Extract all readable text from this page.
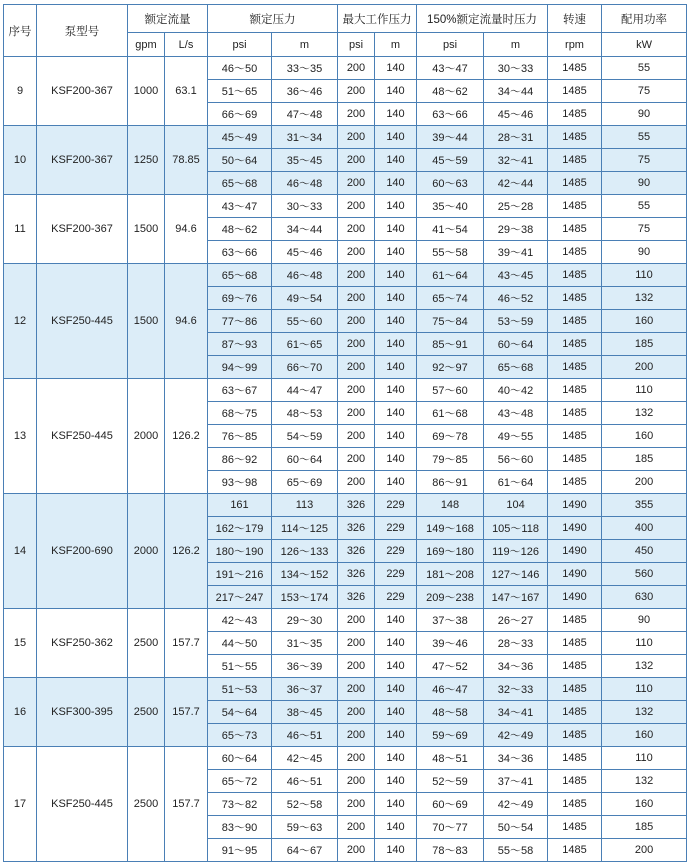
序号	泵型号	额定流量		额定压力		最大工作压力		150%额定流量时压力		转速	配用功率
		gpm	L/s	psi	m	psi	m	psi	m	rpm	kW
9	KSF200-367	1000	63.1	46～50	33～35	200	140	43～47	30～33	1485	55
				51～65	36～46	200	140	48～62	34～44	1485	75
				66～69	47～48	200	140	63～66	45～46	1485	90
10	KSF200-367	1250	78.85	45～49	31～34	200	140	39～44	28～31	1485	55
				50～64	35～45	200	140	45～59	32～41	1485	75
				65～68	46～48	200	140	60～63	42～44	1485	90
11	KSF200-367	1500	94.6	43～47	30～33	200	140	35～40	25～28	1485	55
				48～62	34～44	200	140	41～54	29～38	1485	75
				63～66	45～46	200	140	55～58	39～41	1485	90
12	KSF250-445	1500	94.6	65～68	46～48	200	140	61～64	43～45	1485	110
				69～76	49～54	200	140	65～74	46～52	1485	132
				77～86	55～60	200	140	75～84	53～59	1485	160
				87～93	61～65	200	140	85～91	60～64	1485	185
				94～99	66～70	200	140	92～97	65～68	1485	200
13	KSF250-445	2000	126.2	63～67	44～47	200	140	57～60	40～42	1485	110
				68～75	48～53	200	140	61～68	43～48	1485	132
				76～85	54～59	200	140	69～78	49～55	1485	160
				86～92	60～64	200	140	79～85	56～60	1485	185
				93～98	65～69	200	140	86～91	61～64	1485	200
14	KSF200-690	2000	126.2	161	113	326	229	148	104	1490	355
				162～179	114～125	326	229	149～168	105～118	1490	400
				180～190	126～133	326	229	169～180	119～126	1490	450
				191～216	134～152	326	229	181～208	127～146	1490	560
				217～247	153～174	326	229	209～238	147～167	1490	630
15	KSF250-362	2500	157.7	42～43	29～30	200	140	37～38	26～27	1485	90
				44～50	31～35	200	140	39～46	28～33	1485	110
				51～55	36～39	200	140	47～52	34～36	1485	132
16	KSF300-395	2500	157.7	51～53	36～37	200	140	46～47	32～33	1485	110
				54～64	38～45	200	140	48～58	34～41	1485	132
				65～73	46～51	200	140	59～69	42～49	1485	160
17	KSF250-445	2500	157.7	60～64	42～45	200	140	48～51	34～36	1485	110
				65～72	46～51	200	140	52～59	37～41	1485	132
				73～82	52～58	200	140	60～69	42～49	1485	160
				83～90	59～63	200	140	70～77	50～54	1485	185
				91～95	64～67	200	140	78～83	55～58	1485	200
